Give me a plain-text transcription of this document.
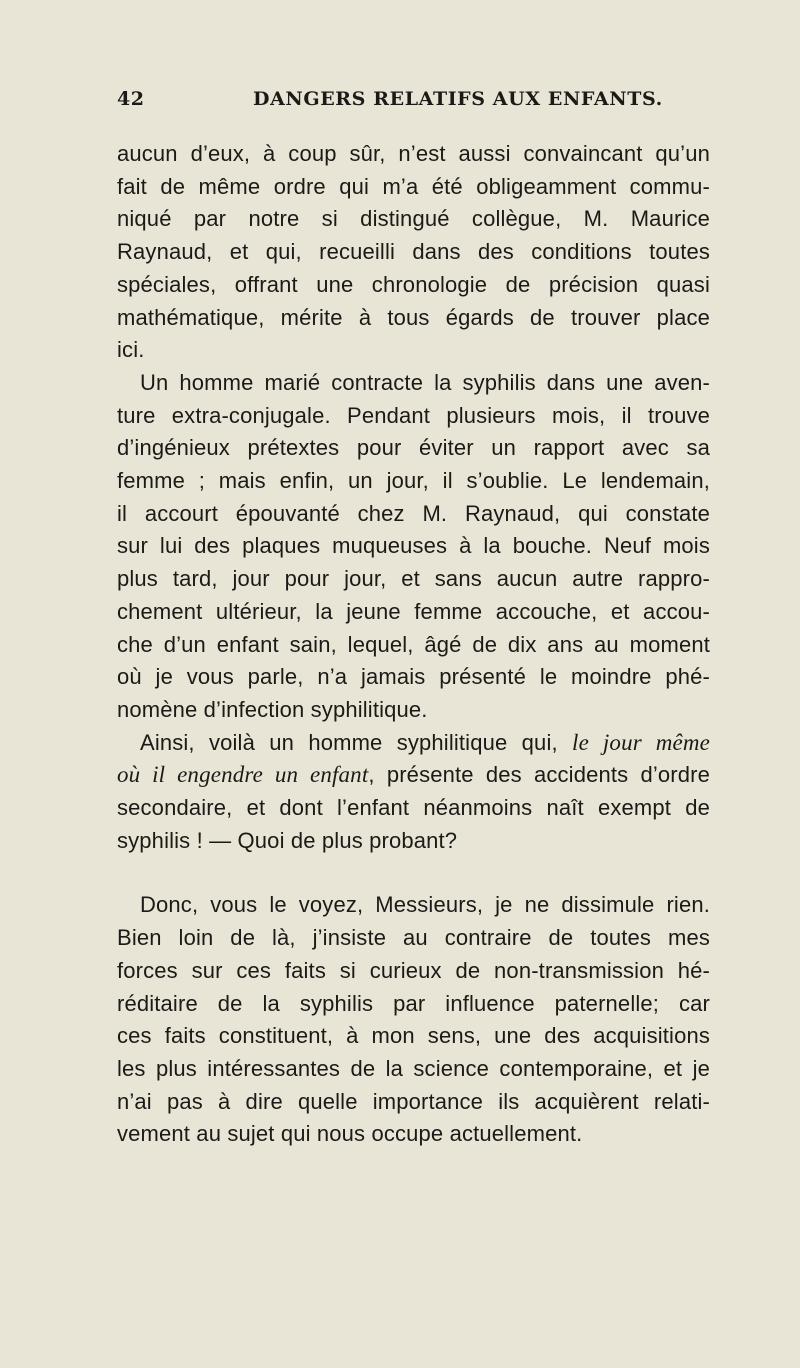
42	DANGERS RELATIFS AUX ENFANTS.

aucun d’eux, à coup sûr, n’est aussi convaincant qu’un
fait de même ordre qui m’a été obligeamment commu-
niqué par notre si distingué collègue, M. Maurice
Raynaud, et qui, recueilli dans des conditions toutes
spéciales, offrant une chronologie de précision quasi
mathématique, mérite à tous égards de trouver place
ici.

Un homme marié contracte la syphilis dans une aven-
ture extra-conjugale. Pendant plusieurs mois, il trouve
d’ingénieux prétextes pour éviter un rapport avec sa
femme ; mais enfin, un jour, il s’oublie. Le lendemain,
il accourt épouvanté chez M. Raynaud, qui constate
sur lui des plaques muqueuses à la bouche. Neuf mois
plus tard, jour pour jour, et sans aucun autre rappro-
chement ultérieur, la jeune femme accouche, et accou-
che d’un enfant sain, lequel, âgé de dix ans au moment
où je vous parle, n’a jamais présenté le moindre phé-
nomène d’infection syphilitique.

Ainsi, voilà un homme syphilitique qui, le jour même
où il engendre un enfant, présente des accidents d’ordre
secondaire, et dont l’enfant néanmoins naît exempt de
syphilis ! — Quoi de plus probant?

Donc, vous le voyez, Messieurs, je ne dissimule rien.
Bien loin de là, j’insiste au contraire de toutes mes
forces sur ces faits si curieux de non-transmission hé-
réditaire de la syphilis par influence paternelle; car
ces faits constituent, à mon sens, une des acquisitions
les plus intéressantes de la science contemporaine, et je
n’ai pas à dire quelle importance ils acquièrent relati-
vement au sujet qui nous occupe actuellement.
